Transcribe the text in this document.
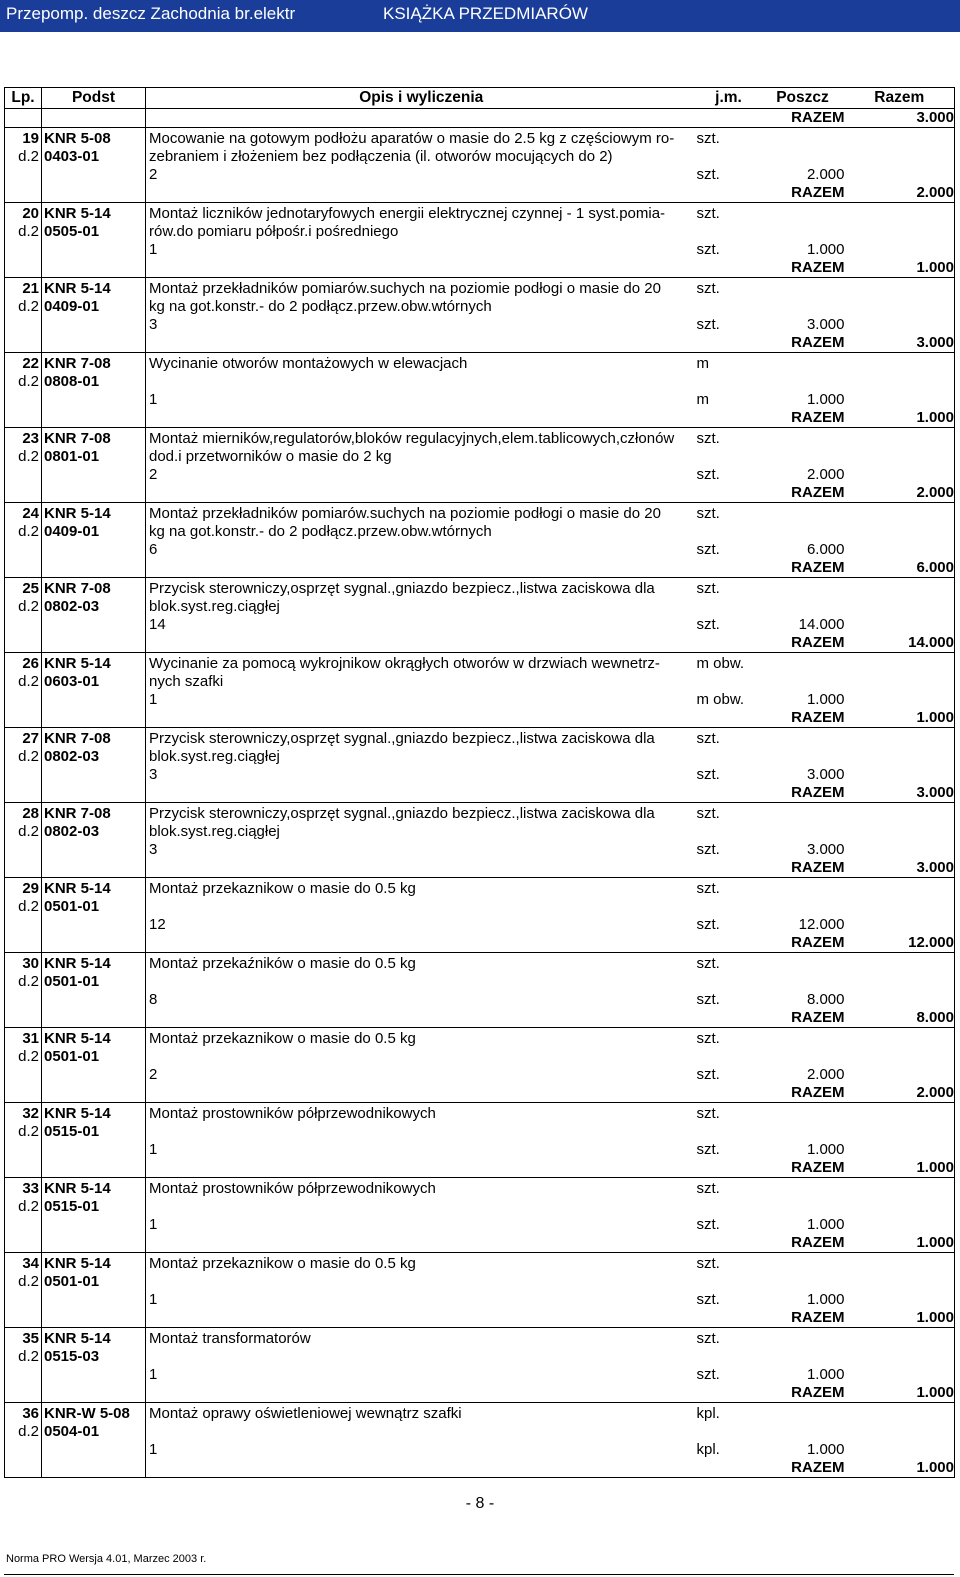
Przepomp. deszcz Zachodnia br.elektr	KSIĄŻKA PRZEDMIARÓW
Lp.	Podst	Opis i wyliczenia	j.m.	Poszcz	Razem
				RAZEM	3.000
19	KNR 5-08	Mocowanie na gotowym podłożu aparatów o masie do 2.5 kg z częściowym ro-	szt.		
d.2	0403-01	zebraniem i złożeniem bez podłączenia (il. otworów mocujących do 2)			
		2	szt.	2.000	
				RAZEM	2.000
20	KNR 5-14	Montaż liczników jednotaryfowych energii elektrycznej czynnej - 1 syst.pomia-	szt.		
d.2	0505-01	rów.do pomiaru półpośr.i pośredniego			
		1	szt.	1.000	
				RAZEM	1.000
21	KNR 5-14	Montaż przekładników pomiarów.suchych na poziomie podłogi o masie do 20	szt.		
d.2	0409-01	kg na got.konstr.- do 2 podłącz.przew.obw.wtórnych			
		3	szt.	3.000	
				RAZEM	3.000
22	KNR 7-08	Wycinanie otworów montażowych w elewacjach	m		
d.2	0808-01				
		1	m	1.000	
				RAZEM	1.000
23	KNR 7-08	Montaż mierników,regulatorów,bloków regulacyjnych,elem.tablicowych,członów	szt.		
d.2	0801-01	dod.i przetworników o masie do 2 kg			
		2	szt.	2.000	
				RAZEM	2.000
24	KNR 5-14	Montaż przekładników pomiarów.suchych na poziomie podłogi o masie do 20	szt.		
d.2	0409-01	kg na got.konstr.- do 2 podłącz.przew.obw.wtórnych			
		6	szt.	6.000	
				RAZEM	6.000
25	KNR 7-08	Przycisk sterowniczy,osprzęt sygnal.,gniazdo bezpiecz.,listwa zaciskowa dla	szt.		
d.2	0802-03	blok.syst.reg.ciągłej			
		14	szt.	14.000	
				RAZEM	14.000
26	KNR 5-14	Wycinanie za pomocą wykrojnikow okrągłych otworów w drzwiach wewnetrz-	m obw.		
d.2	0603-01	nych szafki			
		1	m obw.	1.000	
				RAZEM	1.000
27	KNR 7-08	Przycisk sterowniczy,osprzęt sygnal.,gniazdo bezpiecz.,listwa zaciskowa dla	szt.		
d.2	0802-03	blok.syst.reg.ciągłej			
		3	szt.	3.000	
				RAZEM	3.000
28	KNR 7-08	Przycisk sterowniczy,osprzęt sygnal.,gniazdo bezpiecz.,listwa zaciskowa dla	szt.		
d.2	0802-03	blok.syst.reg.ciągłej			
		3	szt.	3.000	
				RAZEM	3.000
29	KNR 5-14	Montaż przekaznikow o masie do 0.5 kg	szt.		
d.2	0501-01				
		12	szt.	12.000	
				RAZEM	12.000
30	KNR 5-14	Montaż przekaźników o masie do 0.5 kg	szt.		
d.2	0501-01				
		8	szt.	8.000	
				RAZEM	8.000
31	KNR 5-14	Montaż przekaznikow o masie do 0.5 kg	szt.		
d.2	0501-01				
		2	szt.	2.000	
				RAZEM	2.000
32	KNR 5-14	Montaż prostowników półprzewodnikowych	szt.		
d.2	0515-01				
		1	szt.	1.000	
				RAZEM	1.000
33	KNR 5-14	Montaż prostowników półprzewodnikowych	szt.		
d.2	0515-01				
		1	szt.	1.000	
				RAZEM	1.000
34	KNR 5-14	Montaż przekaznikow o masie do 0.5 kg	szt.		
d.2	0501-01				
		1	szt.	1.000	
				RAZEM	1.000
35	KNR 5-14	Montaż transformatorów	szt.		
d.2	0515-03				
		1	szt.	1.000	
				RAZEM	1.000
36	KNR-W 5-08	Montaż oprawy oświetleniowej wewnątrz szafki	kpl.		
d.2	0504-01				
		1	kpl.	1.000	
				RAZEM	1.000
- 8 -
Norma PRO Wersja 4.01, Marzec 2003 r.
